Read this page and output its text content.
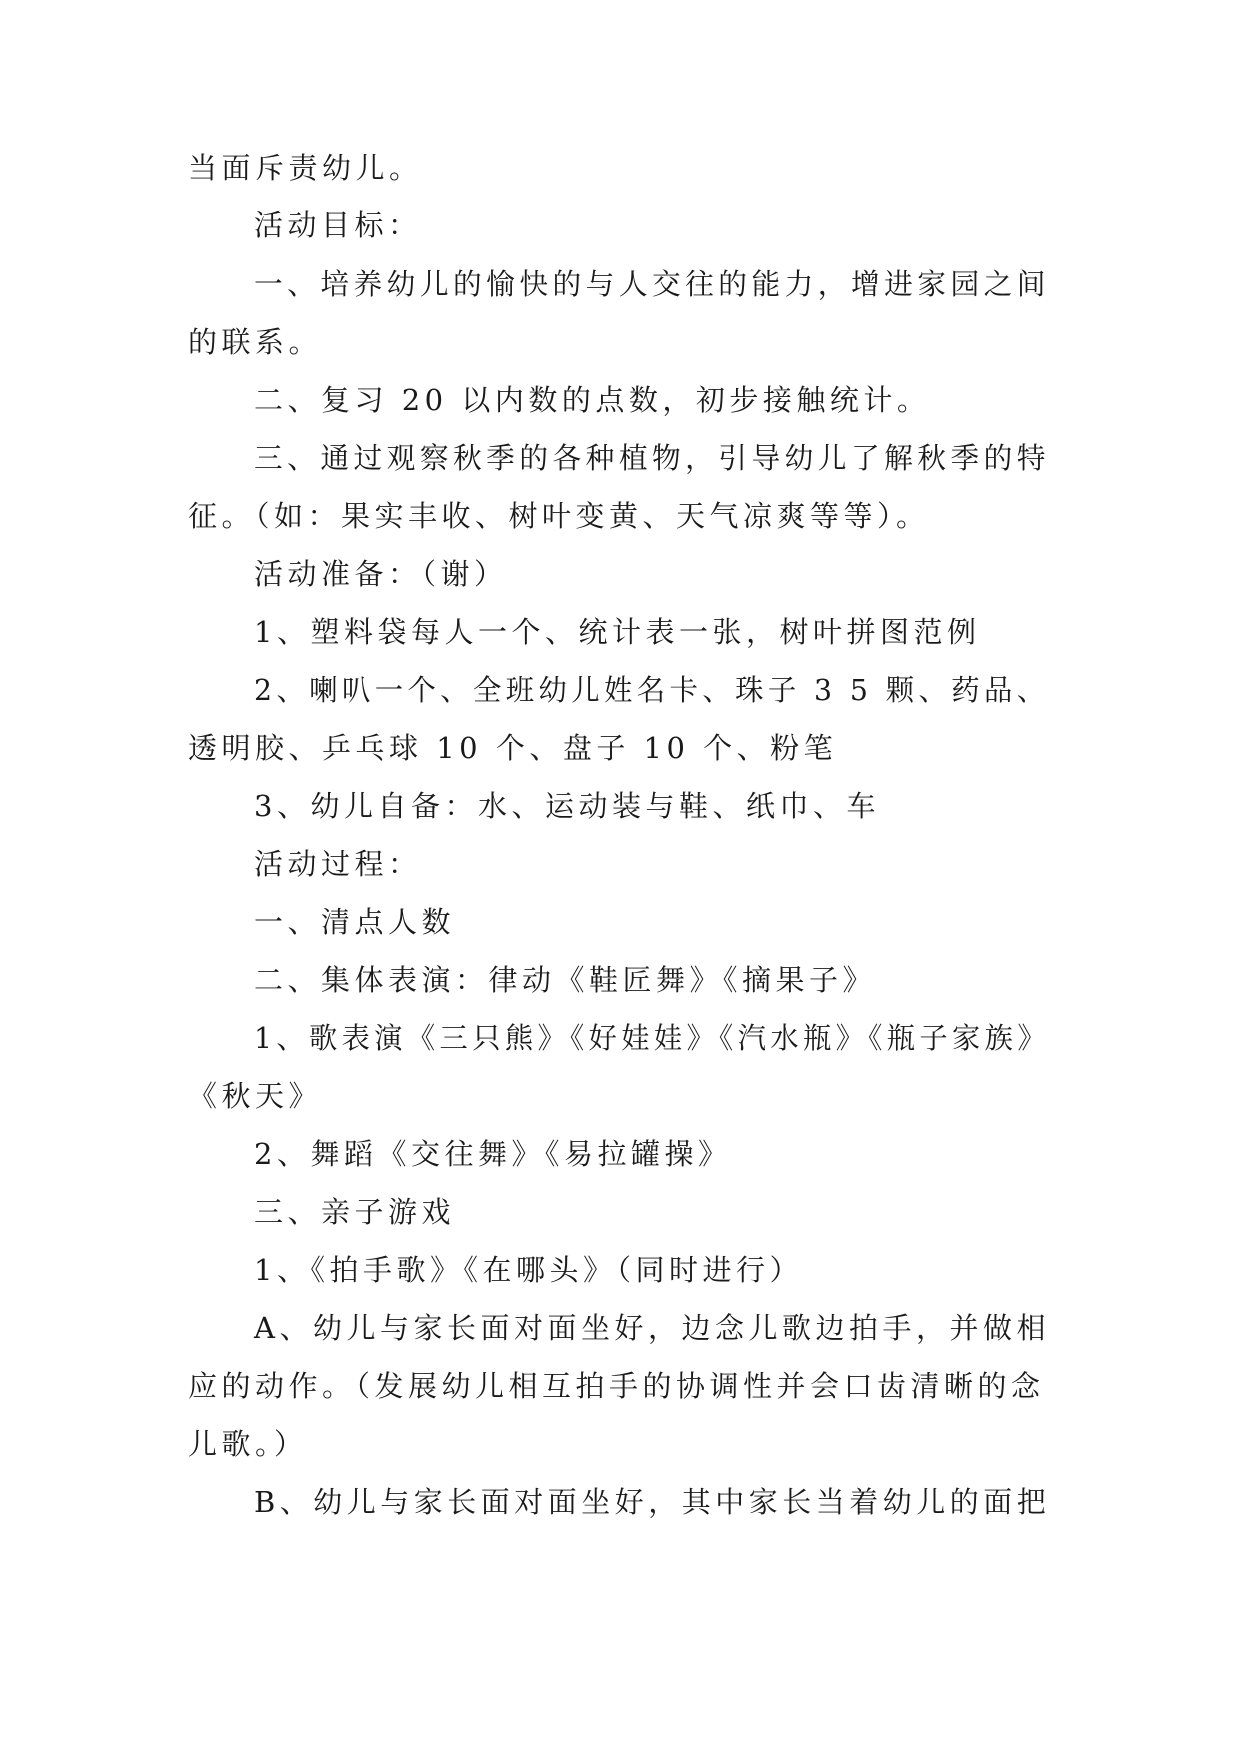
当面斥责幼儿。
活动目标：
一、培养幼儿的愉快的与人交往的能力，增进家园之间
的联系。
二、复习 20 以内数的点数，初步接触统计。
三、通过观察秋季的各种植物，引导幼儿了解秋季的特
征。（如：果实丰收、树叶变黄、天气凉爽等等）。
活动准备：（谢）
1、塑料袋每人一个、统计表一张，树叶拼图范例
2、喇叭一个、全班幼儿姓名卡、珠子 3 5 颗、药品、
透明胶、乒乓球 10 个、盘子 10 个、粉笔
3、幼儿自备：水、运动装与鞋、纸巾、车
活动过程：
一、清点人数
二、集体表演：律动《鞋匠舞》《摘果子》
1、歌表演《三只熊》《好娃娃》《汽水瓶》《瓶子家族》
《秋天》
2、舞蹈《交往舞》《易拉罐操》
三、亲子游戏
1、《拍手歌》《在哪头》（同时进行）
A、幼儿与家长面对面坐好，边念儿歌边拍手，并做相
应的动作。（发展幼儿相互拍手的协调性并会口齿清晰的念
儿歌。）
B、幼儿与家长面对面坐好，其中家长当着幼儿的面把
